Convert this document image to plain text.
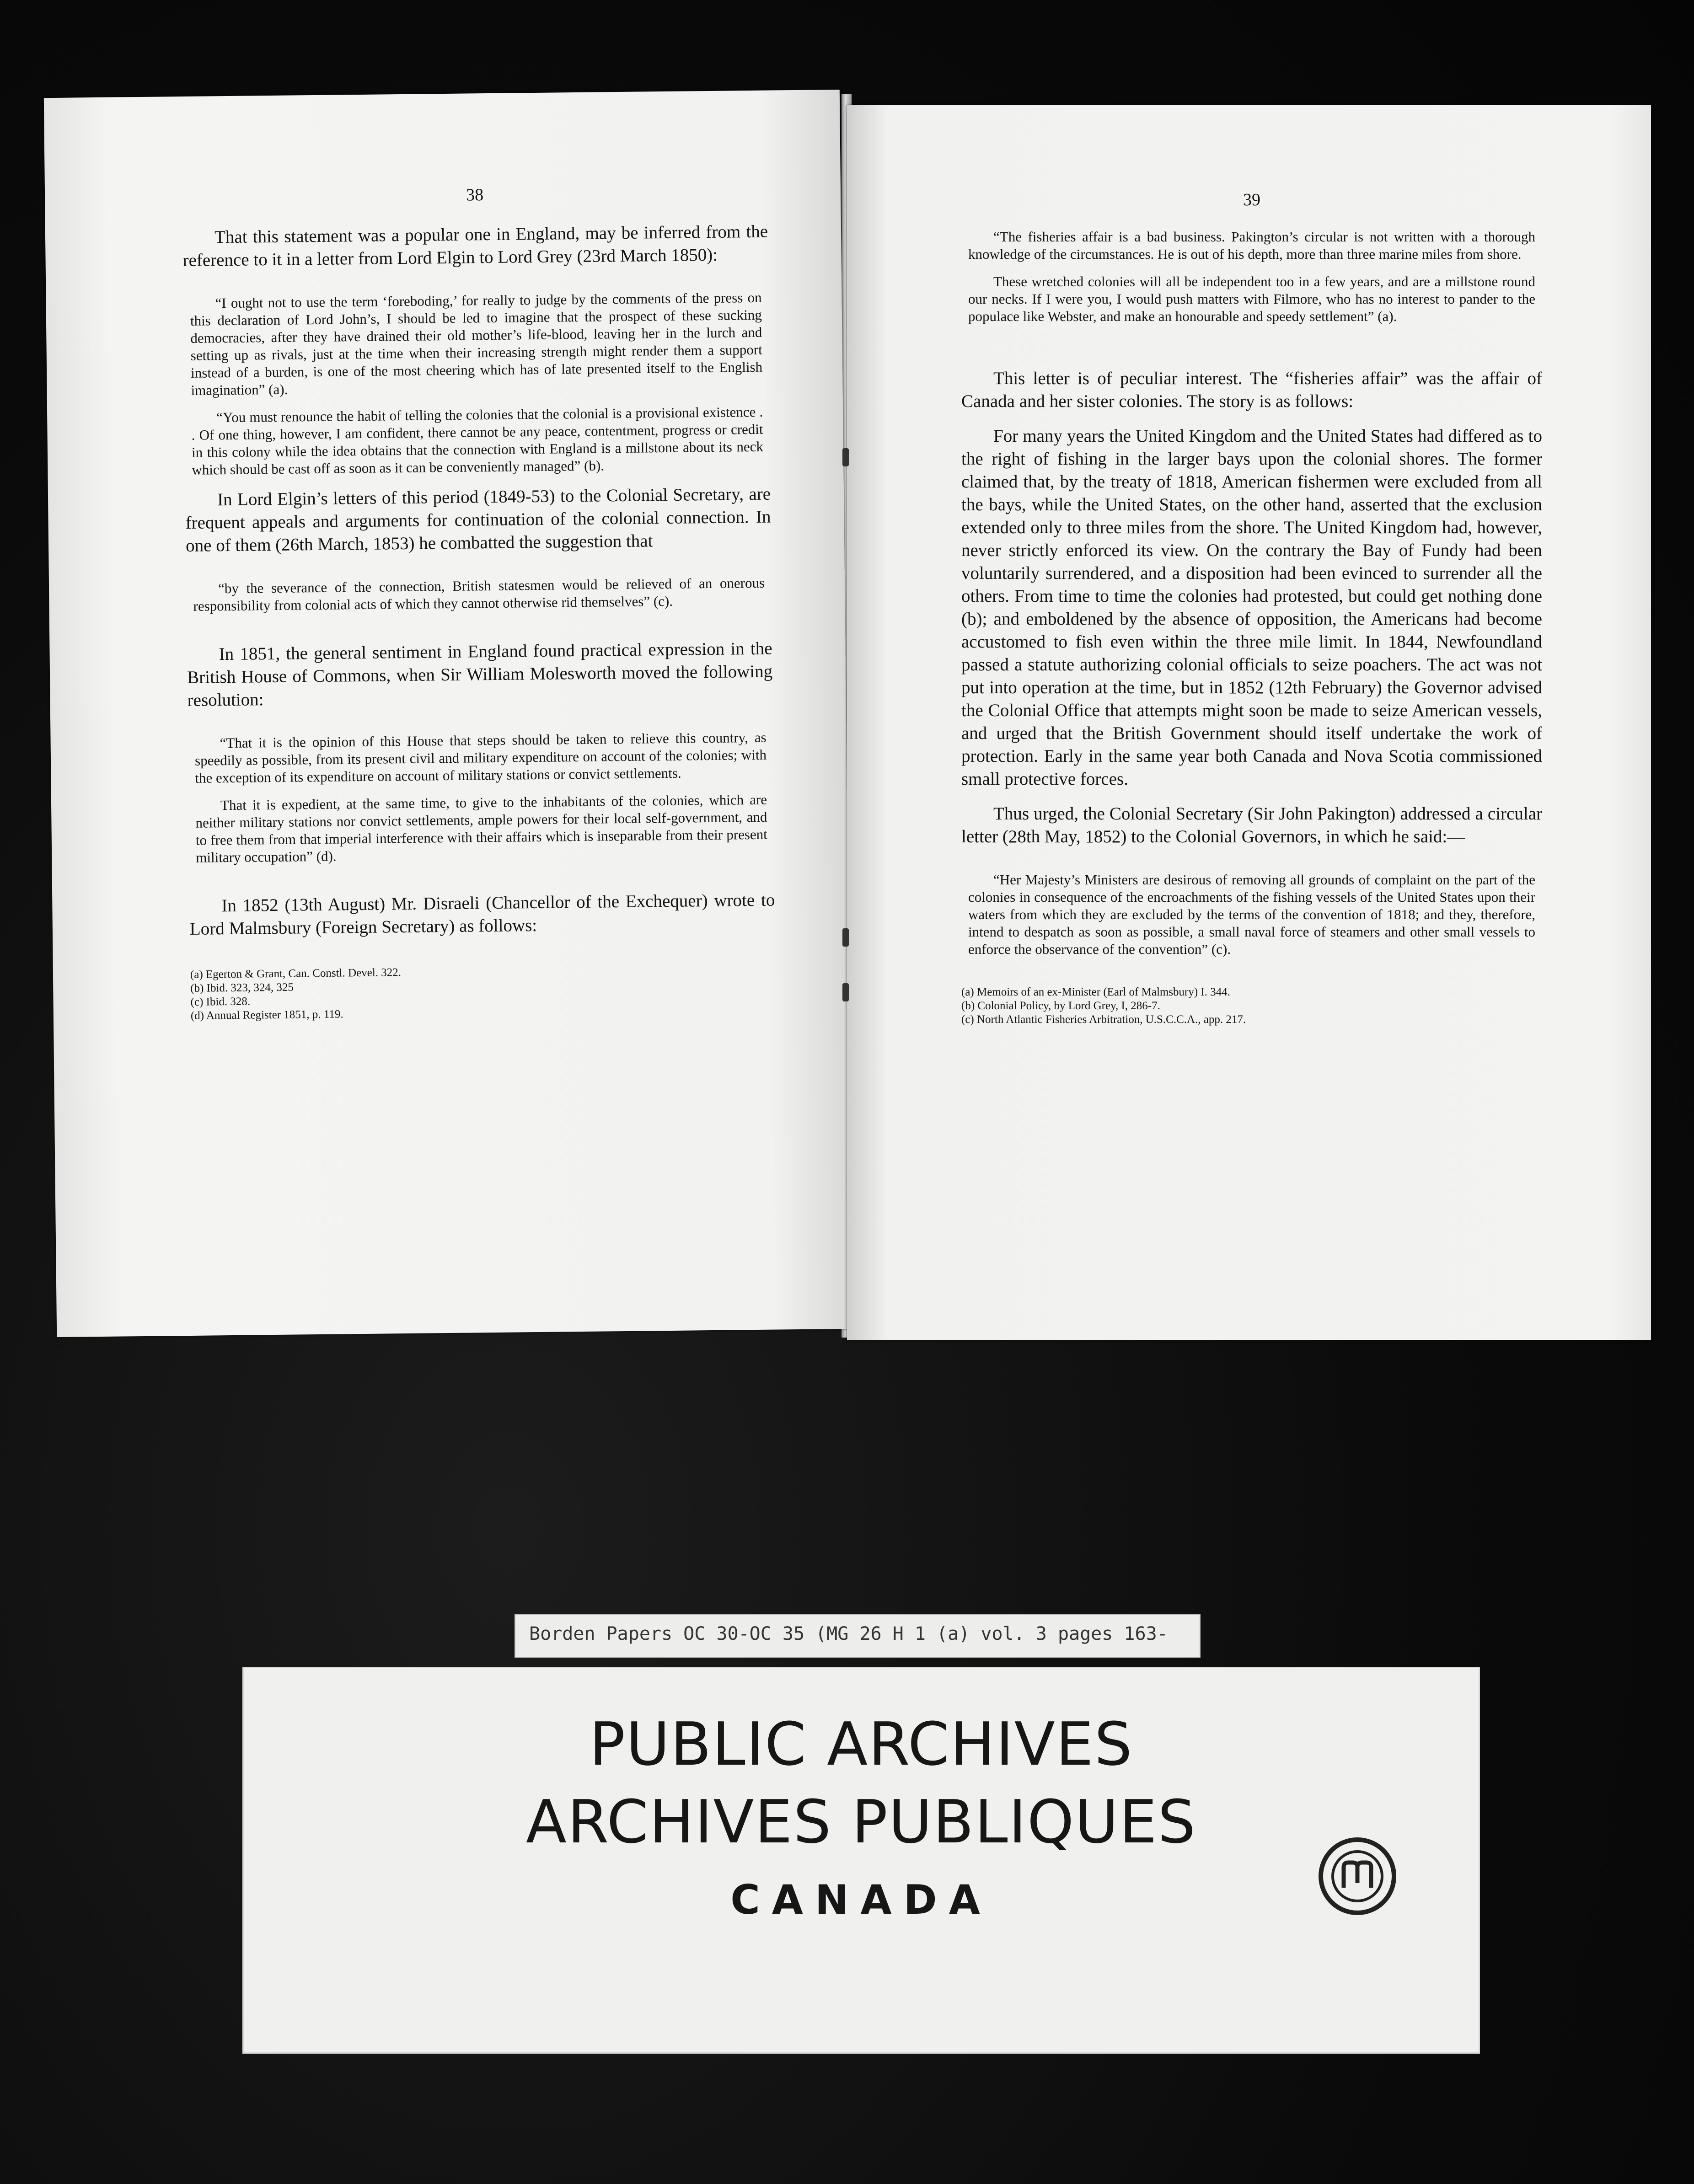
38

That this statement was a popular one in England, may be inferred from the reference to it in a letter from Lord Elgin to Lord Grey (23rd March 1850):

“I ought not to use the term ‘foreboding,’ for really to judge by the comments of the press on this declaration of Lord John’s, I should be led to imagine that the prospect of these sucking democracies, after they have drained their old mother’s life-blood, leaving her in the lurch and setting up as rivals, just at the time when their increasing strength might render them a support instead of a burden, is one of the most cheering which has of late presented itself to the English imagination” (a).

“You must renounce the habit of telling the colonies that the colonial is a provisional existence . . Of one thing, however, I am confident, there cannot be any peace, contentment, progress or credit in this colony while the idea obtains that the connection with England is a millstone about its neck which should be cast off as soon as it can be conveniently managed” (b).

In Lord Elgin’s letters of this period (1849-53) to the Colonial Secretary, are frequent appeals and arguments for continuation of the colonial connection. In one of them (26th March, 1853) he combatted the suggestion that

“by the severance of the connection, British statesmen would be relieved of an onerous responsibility from colonial acts of which they cannot otherwise rid themselves” (c).

In 1851, the general sentiment in England found practical expression in the British House of Commons, when Sir William Molesworth moved the following resolution:

“That it is the opinion of this House that steps should be taken to relieve this country, as speedily as possible, from its present civil and military expenditure on account of the colonies; with the exception of its expenditure on account of military stations or convict settlements.

That it is expedient, at the same time, to give to the inhabitants of the colonies, which are neither military stations nor convict settlements, ample powers for their local self-government, and to free them from that imperial interference with their affairs which is inseparable from their present military occupation” (d).

In 1852 (13th August) Mr. Disraeli (Chancellor of the Exchequer) wrote to Lord Malmsbury (Foreign Secretary) as follows:

(a) Egerton & Grant, Can. Constl. Devel. 322.
(b) Ibid. 323, 324, 325
(c) Ibid. 328.
(d) Annual Register 1851, p. 119.
39

“The fisheries affair is a bad business. Pakington’s circular is not written with a thorough knowledge of the circumstances. He is out of his depth, more than three marine miles from shore.

These wretched colonies will all be independent too in a few years, and are a millstone round our necks. If I were you, I would push matters with Filmore, who has no interest to pander to the populace like Webster, and make an honourable and speedy settlement” (a).

This letter is of peculiar interest. The “fisheries affair” was the affair of Canada and her sister colonies. The story is as follows:

For many years the United Kingdom and the United States had differed as to the right of fishing in the larger bays upon the colonial shores. The former claimed that, by the treaty of 1818, American fishermen were excluded from all the bays, while the United States, on the other hand, asserted that the exclusion extended only to three miles from the shore. The United Kingdom had, however, never strictly enforced its view. On the contrary the Bay of Fundy had been voluntarily surrendered, and a disposition had been evinced to surrender all the others. From time to time the colonies had protested, but could get nothing done (b); and emboldened by the absence of opposition, the Americans had become accustomed to fish even within the three mile limit. In 1844, Newfoundland passed a statute authorizing colonial officials to seize poachers. The act was not put into operation at the time, but in 1852 (12th February) the Governor advised the Colonial Office that attempts might soon be made to seize American vessels, and urged that the British Government should itself undertake the work of protection. Early in the same year both Canada and Nova Scotia commissioned small protective forces.

Thus urged, the Colonial Secretary (Sir John Pakington) addressed a circular letter (28th May, 1852) to the Colonial Governors, in which he said:—

“Her Majesty’s Ministers are desirous of removing all grounds of complaint on the part of the colonies in consequence of the encroachments of the fishing vessels of the United States upon their waters from which they are excluded by the terms of the convention of 1818; and they, therefore, intend to despatch as soon as possible, a small naval force of steamers and other small vessels to enforce the observance of the convention” (c).

(a) Memoirs of an ex-Minister (Earl of Malmsbury) I. 344.
(b) Colonial Policy, by Lord Grey, I, 286-7.
(c) North Atlantic Fisheries Arbitration, U.S.C.C.A., app. 217.
Borden Papers OC 30-OC 35 (MG 26 H 1 (a) vol. 3 pages 163-
PUBLIC ARCHIVES
ARCHIVES PUBLIQUES
CANADA
